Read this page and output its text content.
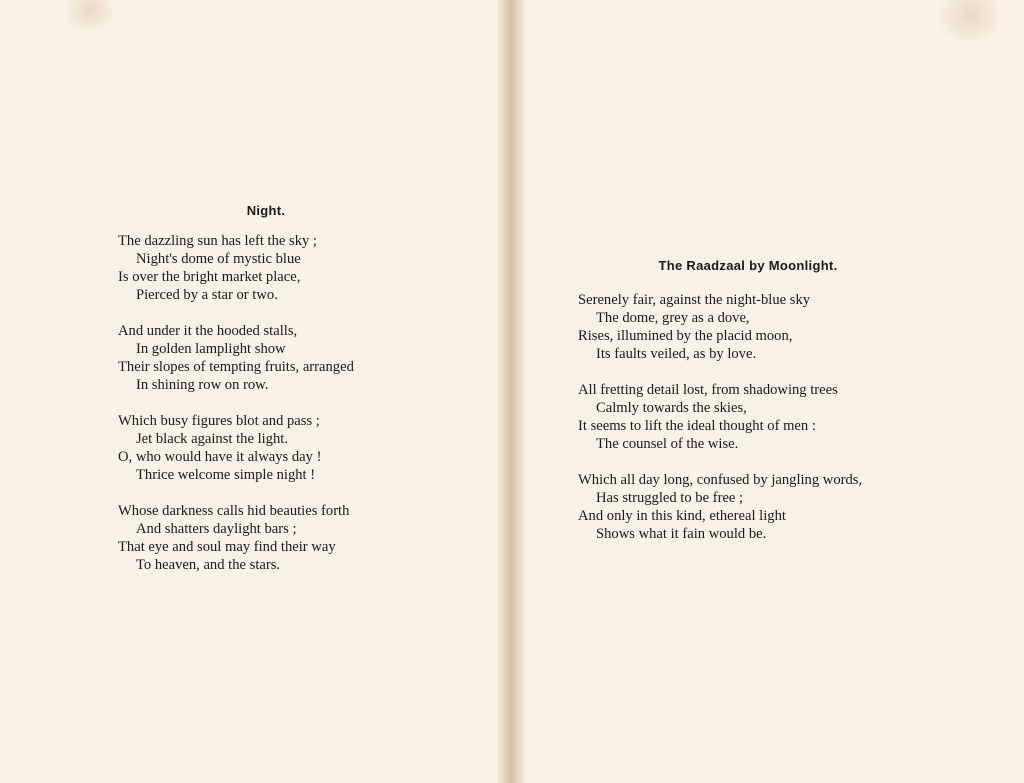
Night.

The dazzling sun has left the sky ;

Night's dome of mystic blue

Is over the bright market place,

Pierced by a star or two.

And under it the hooded stalls,

In golden lamplight show

Their slopes of tempting fruits, arranged

In shining row on row.

Which busy figures blot and pass ;

Jet black against the light.

O, who would have it always day !

Thrice welcome simple night !

Whose darkness calls hid beauties forth

And shatters daylight bars ;

That eye and soul may find their way

To heaven, and the stars.

The Raadzaal by Moonlight.

Serenely fair, against the night-blue sky

The dome, grey as a dove,

Rises, illumined by the placid moon,

Its faults veiled, as by love.

All fretting detail lost, from shadowing trees

Calmly towards the skies,

It seems to lift the ideal thought of men :

The counsel of the wise.

Which all day long, confused by jangling words,

Has struggled to be free ;

And only in this kind, ethereal light

Shows what it fain would be.
